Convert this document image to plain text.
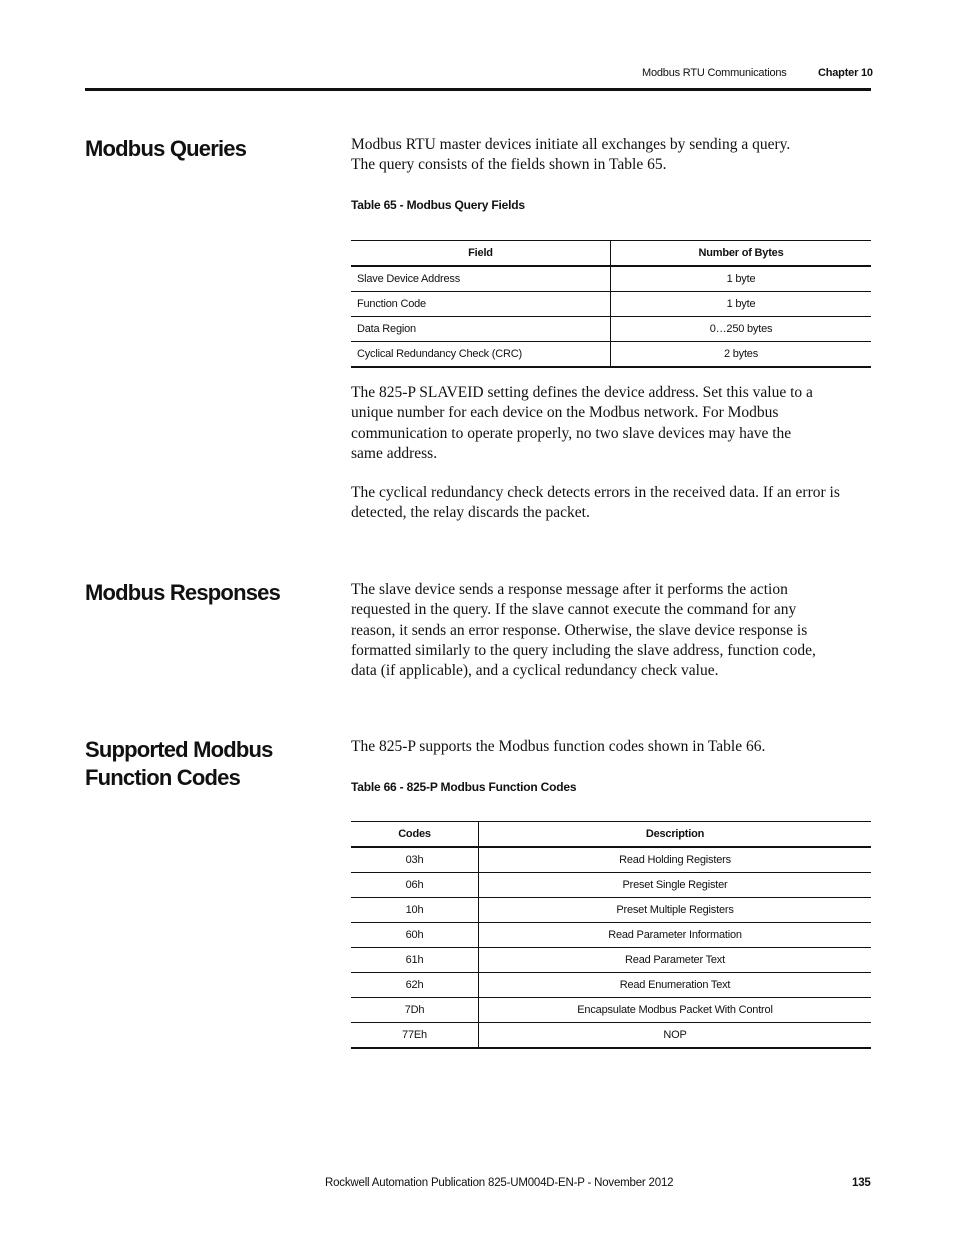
Modbus RTU Communications	Chapter 10
Modbus Queries	Modbus RTU master devices initiate all exchanges by sending a query. The query consists of the fields shown in Table 65.

Table 65 - Modbus Query Fields

Field	Number of Bytes
Slave Device Address	1 byte
Function Code	1 byte
Data Region	0…250 bytes
Cyclical Redundancy Check (CRC)	2 bytes

The 825-P SLAVEID setting defines the device address. Set this value to a unique number for each device on the Modbus network. For Modbus communication to operate properly, no two slave devices may have the same address.

The cyclical redundancy check detects errors in the received data. If an error is detected, the relay discards the packet.

Modbus Responses	The slave device sends a response message after it performs the action requested in the query. If the slave cannot execute the command for any reason, it sends an error response. Otherwise, the slave device response is formatted similarly to the query including the slave address, function code, data (if applicable), and a cyclical redundancy check value.

Supported Modbus
Function Codes

The 825-P supports the Modbus function codes shown in Table 66.

Table 66 - 825-P Modbus Function Codes

Codes	Description
03h	Read Holding Registers
06h	Preset Single Register
10h	Preset Multiple Registers
60h	Read Parameter Information
61h	Read Parameter Text
62h	Read Enumeration Text
7Dh	Encapsulate Modbus Packet With Control
77Eh	NOP
Rockwell Automation Publication 825-UM004D-EN-P - November 2012	135
